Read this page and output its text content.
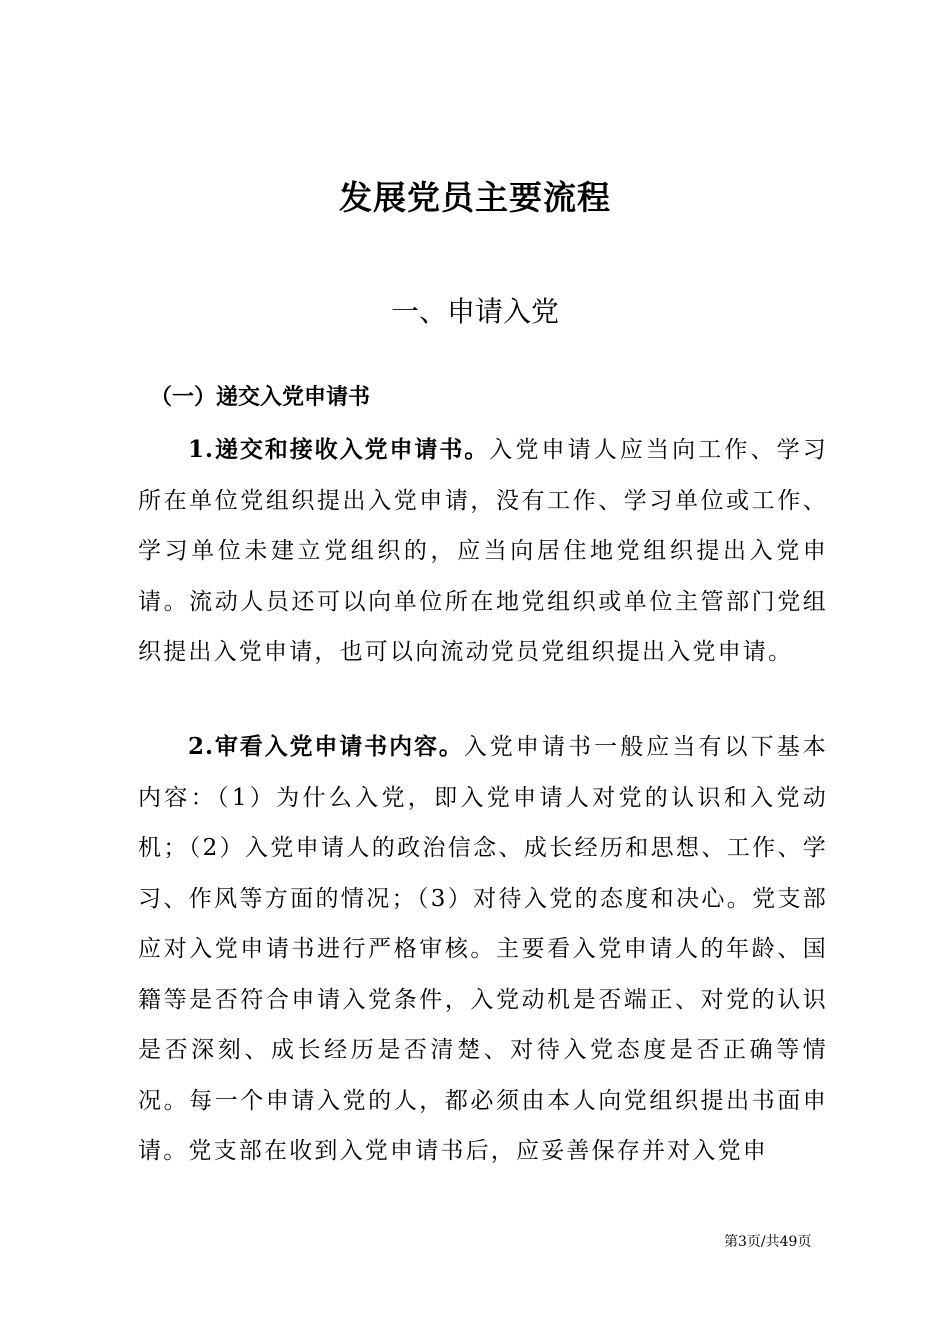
发展党员主要流程
一、申请入党
（一）递交入党申请书

1.递交和接收入党申请书。入党申请人应当向工作、学习所在单位党组织提出入党申请，没有工作、学习单位或工作、学习单位未建立党组织的，应当向居住地党组织提出入党申请。流动人员还可以向单位所在地党组织或单位主管部门党组织提出入党申请，也可以向流动党员党组织提出入党申请。

2.审看入党申请书内容。入党申请书一般应当有以下基本内容：（1）为什么入党，即入党申请人对党的认识和入党动机；（2）入党申请人的政治信念、成长经历和思想、工作、学习、作风等方面的情况；（3）对待入党的态度和决心。党支部应对入党申请书进行严格审核。主要看入党申请人的年龄、国籍等是否符合申请入党条件，入党动机是否端正、对党的认识是否深刻、成长经历是否清楚、对待入党态度是否正确等情况。每一个申请入党的人，都必须由本人向党组织提出书面申请。党支部在收到入党申请书后，应妥善保存并对入党申

第3页/共49页
